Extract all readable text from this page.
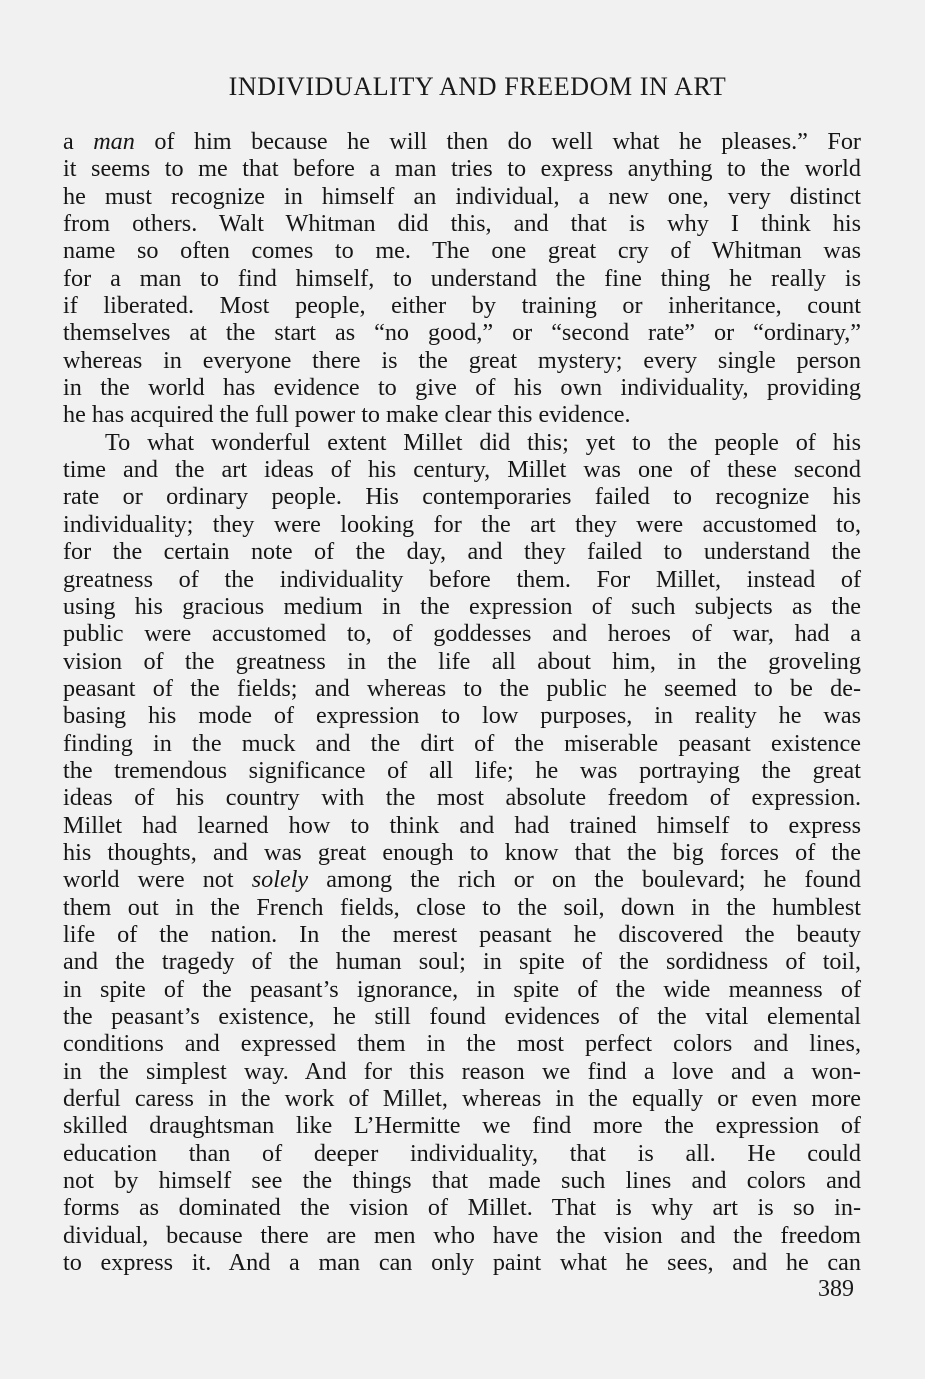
INDIVIDUALITY AND FREEDOM IN ART
a man of him because he will then do well what he pleases.” For
it seems to me that before a man tries to express anything to the world
he must recognize in himself an individual, a new one, very distinct
from others. Walt Whitman did this, and that is why I think his
name so often comes to me. The one great cry of Whitman was
for a man to find himself, to understand the fine thing he really is
if liberated. Most people, either by training or inheritance, count
themselves at the start as “no good,” or “second rate” or “ordinary,”
whereas in everyone there is the great mystery; every single person
in the world has evidence to give of his own individuality, providing
he has acquired the full power to make clear this evidence.
To what wonderful extent Millet did this; yet to the people of his
time and the art ideas of his century, Millet was one of these second
rate or ordinary people. His contemporaries failed to recognize his
individuality; they were looking for the art they were accustomed to,
for the certain note of the day, and they failed to understand the
greatness of the individuality before them. For Millet, instead of
using his gracious medium in the expression of such subjects as the
public were accustomed to, of goddesses and heroes of war, had a
vision of the greatness in the life all about him, in the groveling
peasant of the fields; and whereas to the public he seemed to be de-
basing his mode of expression to low purposes, in reality he was
finding in the muck and the dirt of the miserable peasant existence
the tremendous significance of all life; he was portraying the great
ideas of his country with the most absolute freedom of expression.
Millet had learned how to think and had trained himself to express
his thoughts, and was great enough to know that the big forces of the
world were not solely among the rich or on the boulevard; he found
them out in the French fields, close to the soil, down in the humblest
life of the nation. In the merest peasant he discovered the beauty
and the tragedy of the human soul; in spite of the sordidness of toil,
in spite of the peasant’s ignorance, in spite of the wide meanness of
the peasant’s existence, he still found evidences of the vital elemental
conditions and expressed them in the most perfect colors and lines,
in the simplest way. And for this reason we find a love and a won-
derful caress in the work of Millet, whereas in the equally or even more
skilled draughtsman like L’Hermitte we find more the expression of
education than of deeper individuality, that is all. He could
not by himself see the things that made such lines and colors and
forms as dominated the vision of Millet. That is why art is so in-
dividual, because there are men who have the vision and the freedom
to express it. And a man can only paint what he sees, and he can
389
